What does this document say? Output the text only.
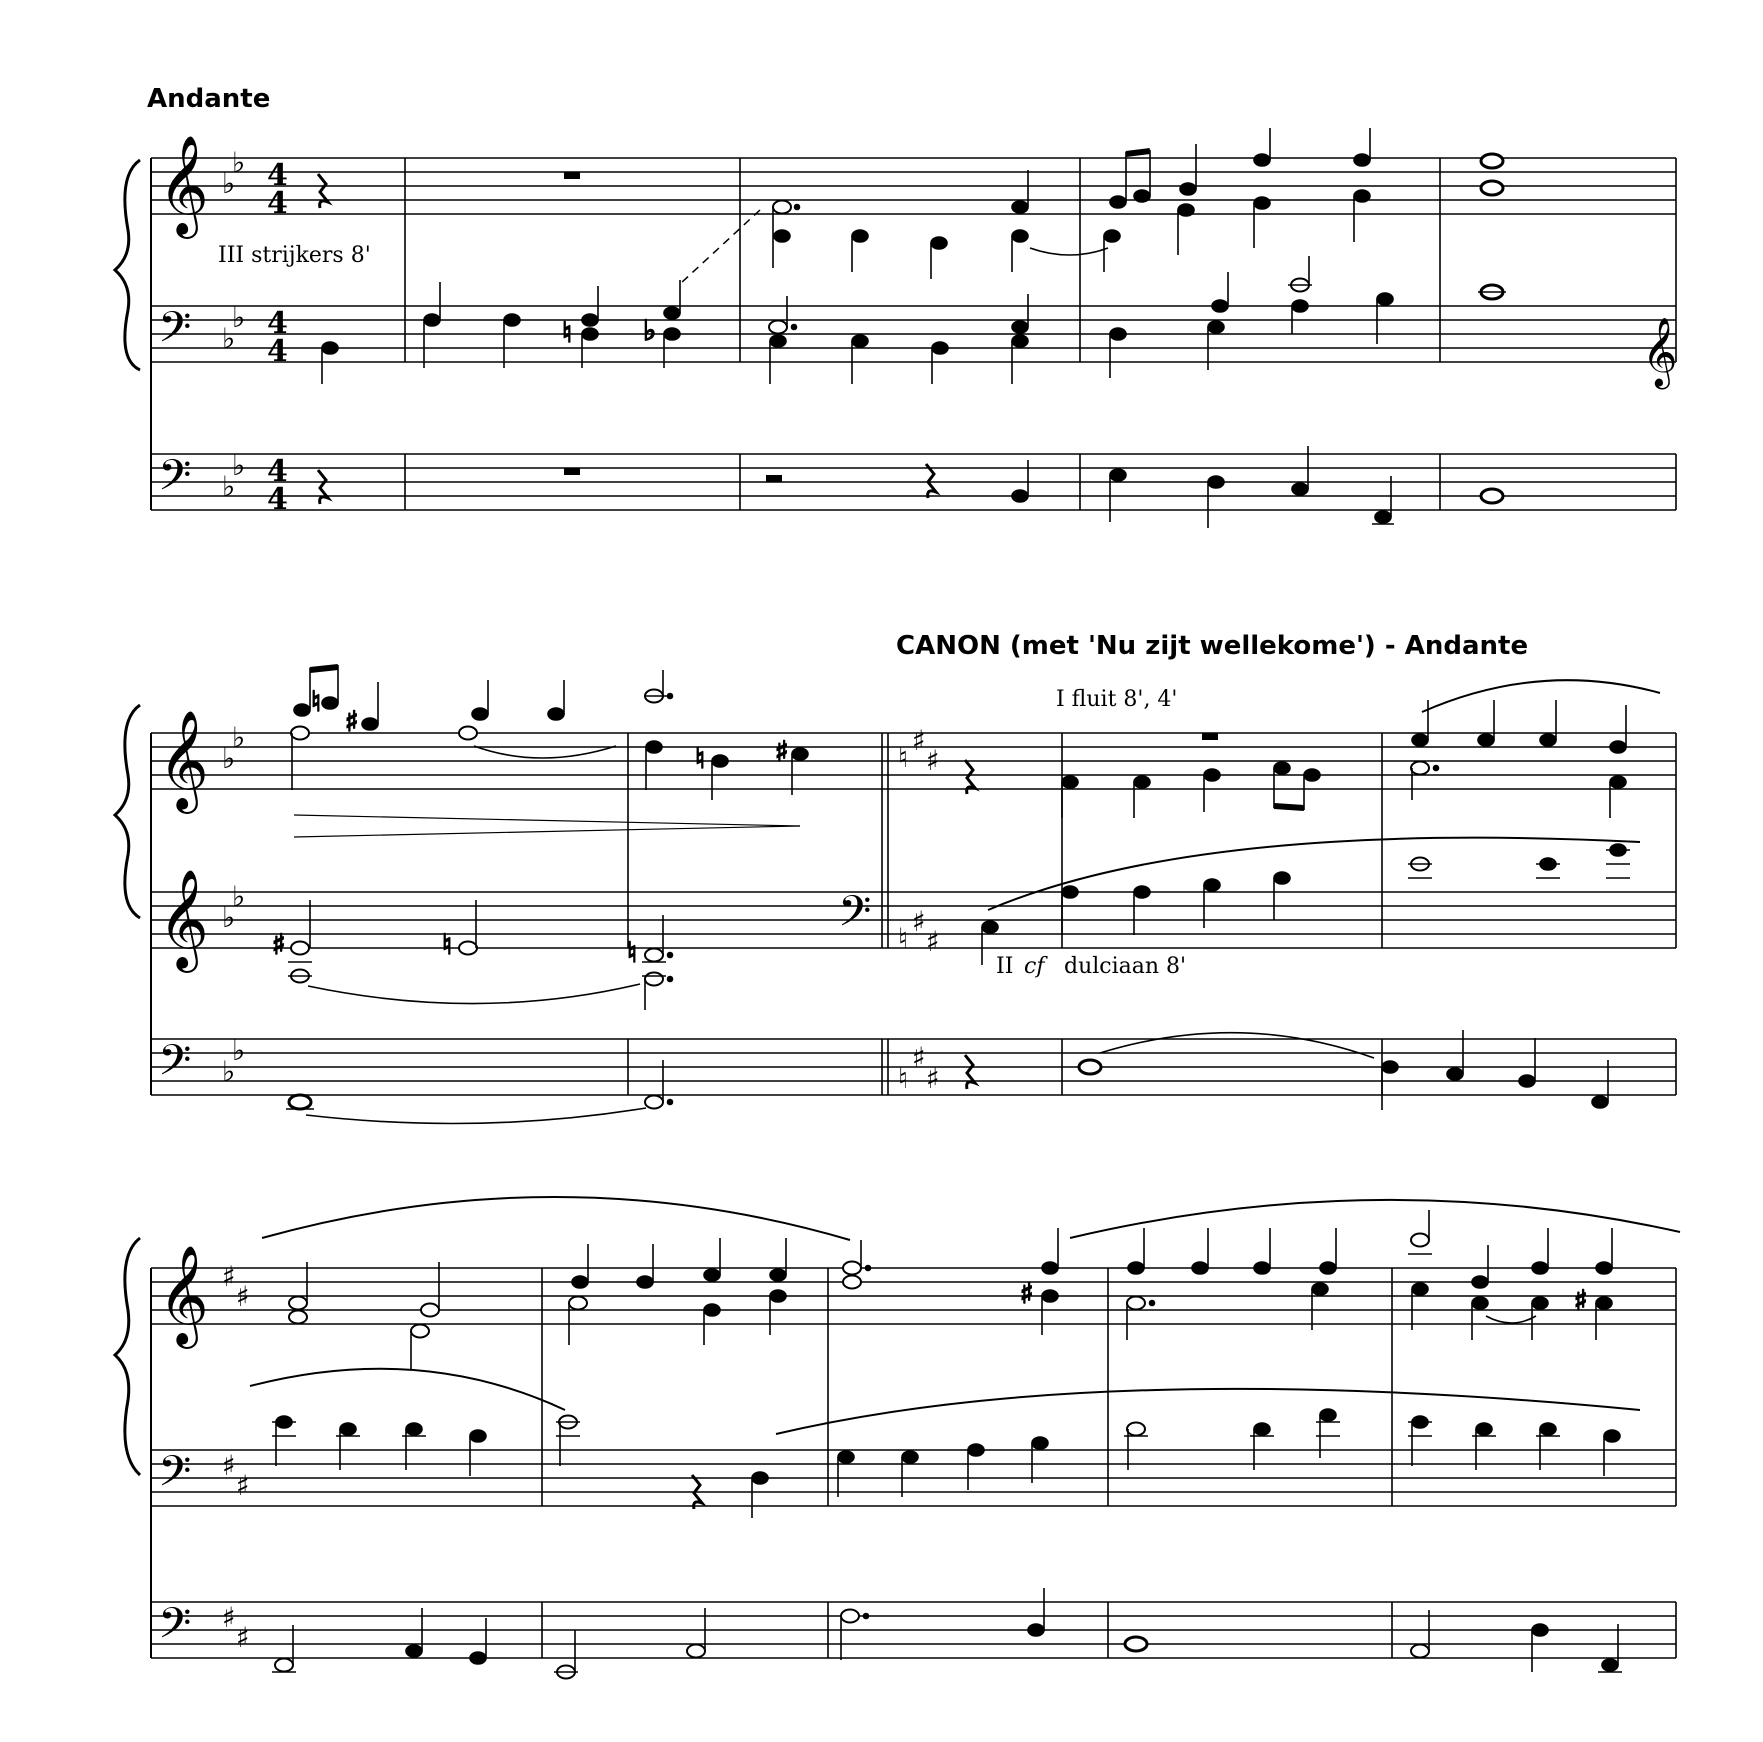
Andante
𝄞
𝄢
𝄢
♭
♭
♭
♭
♭
♭
4
4
4
4
4
4
III strijkers 8'
♮	♭	𝄞
CANON (met 'Nu zijt wellekome') - Andante
𝄞
𝄞
𝄢
♭
♭
♭
♭
♭
♭
♮
♯
♯
♮
♯
♯
♮
♯
♯
𝄢
I fluit 8', 4'
II cf dulciaan 8'
♮
♯
♮ ♯
♯	♮	♮
𝄞
𝄢
𝄢
♯
♯
♯
♯
♯
♯
♯	♯
